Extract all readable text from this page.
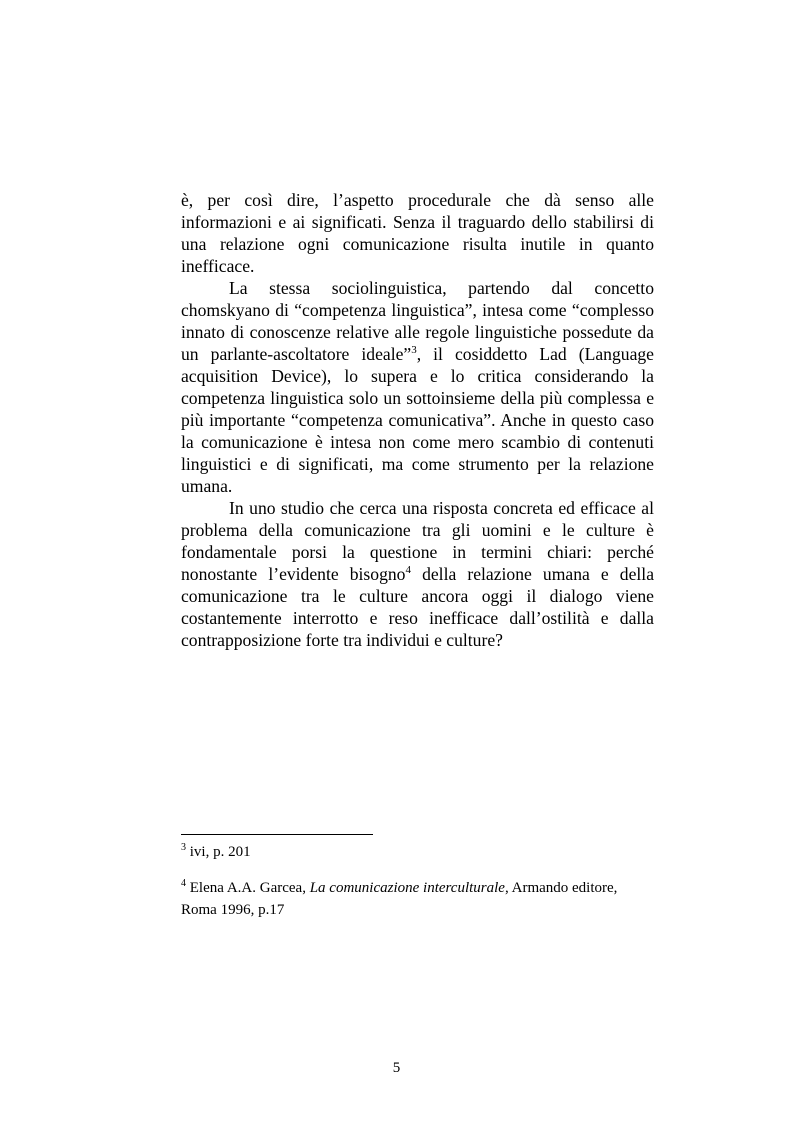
è, per così dire, l’aspetto procedurale che dà senso alle informazioni e ai significati. Senza il traguardo dello stabilirsi di una relazione ogni comunicazione risulta inutile in quanto inefficace.

La stessa sociolinguistica, partendo dal concetto chomskyano di “competenza linguistica”, intesa come “complesso innato di conoscenze relative alle regole linguistiche possedute da un parlante-ascoltatore ideale”$^3$, il cosiddetto Lad (Language acquisition Device), lo supera e lo critica considerando la competenza linguistica solo un sottoinsieme della più complessa e più importante “competenza comunicativa”. Anche in questo caso la comunicazione è intesa non come mero scambio di contenuti linguistici e di significati, ma come strumento per la relazione umana.

In uno studio che cerca una risposta concreta ed efficace al problema della comunicazione tra gli uomini e le culture è fondamentale porsi la questione in termini chiari: perché nonostante l’evidente bisogno$^4$ della relazione umana e della comunicazione tra le culture ancora oggi il dialogo viene costantemente interrotto e reso inefficace dall’ostilità e dalla contrapposizione forte tra individui e culture?

$^3$ ivi, p. 201

$^4$ Elena A.A. Garcea, La comunicazione interculturale, Armando editore, Roma 1996, p.17

5
